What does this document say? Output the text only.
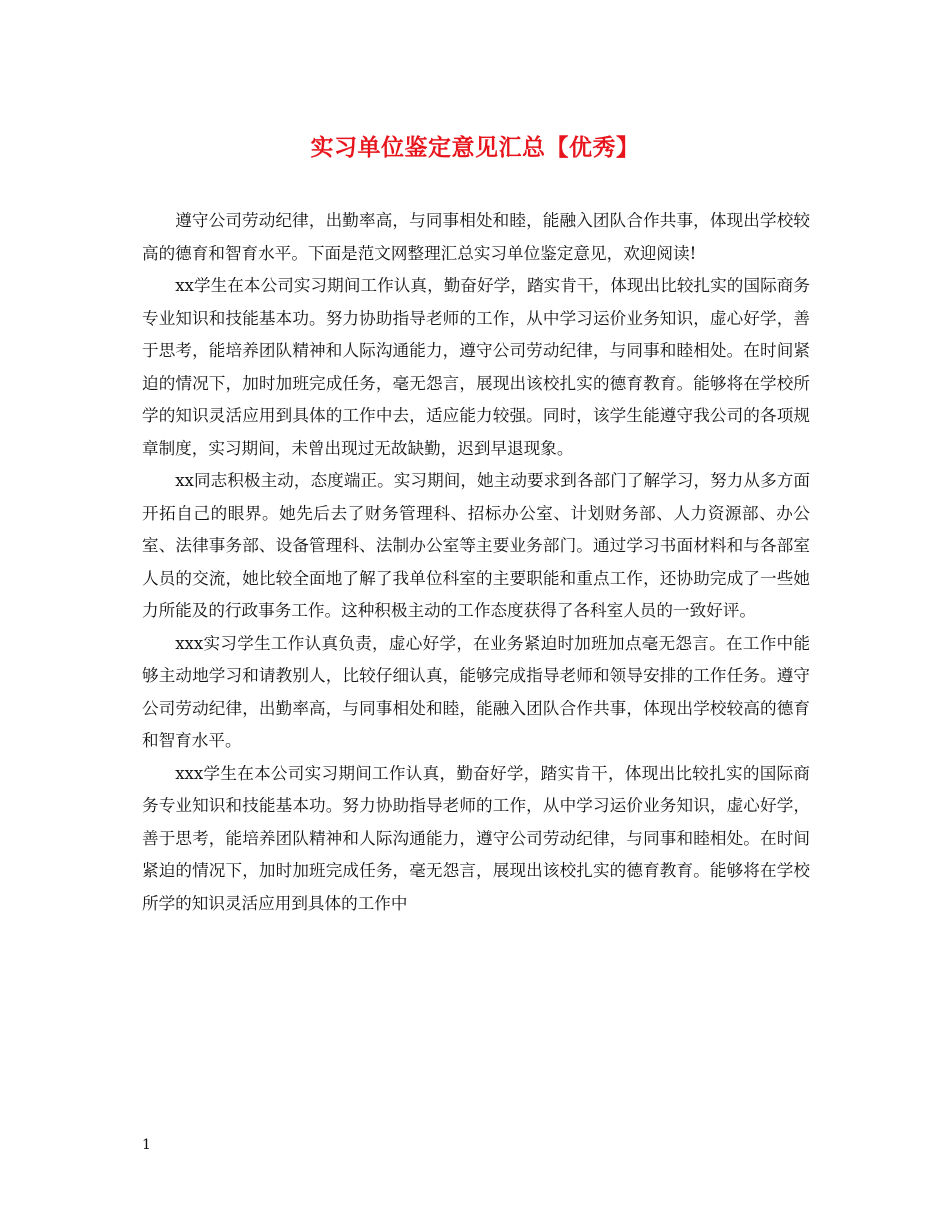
实习单位鉴定意见汇总【优秀】

遵守公司劳动纪律，出勤率高，与同事相处和睦，能融入团队合作共事，体现出学校较高的德育和智育水平。下面是范文网整理汇总实习单位鉴定意见，欢迎阅读!

xx学生在本公司实习期间工作认真，勤奋好学，踏实肯干，体现出比较扎实的国际商务专业知识和技能基本功。努力协助指导老师的工作，从中学习运价业务知识，虚心好学，善于思考，能培养团队精神和人际沟通能力，遵守公司劳动纪律，与同事和睦相处。在时间紧迫的情况下，加时加班完成任务，毫无怨言，展现出该校扎实的德育教育。能够将在学校所学的知识灵活应用到具体的工作中去，适应能力较强。同时，该学生能遵守我公司的各项规章制度，实习期间，未曾出现过无故缺勤，迟到早退现象。

xx同志积极主动，态度端正。实习期间，她主动要求到各部门了解学习，努力从多方面开拓自己的眼界。她先后去了财务管理科、招标办公室、计划财务部、人力资源部、办公室、法律事务部、设备管理科、法制办公室等主要业务部门。通过学习书面材料和与各部室人员的交流，她比较全面地了解了我单位科室的主要职能和重点工作，还协助完成了一些她力所能及的行政事务工作。这种积极主动的工作态度获得了各科室人员的一致好评。

xxx实习学生工作认真负责，虚心好学，在业务紧迫时加班加点毫无怨言。在工作中能够主动地学习和请教别人，比较仔细认真，能够完成指导老师和领导安排的工作任务。遵守公司劳动纪律，出勤率高，与同事相处和睦，能融入团队合作共事，体现出学校较高的德育和智育水平。

xxx学生在本公司实习期间工作认真，勤奋好学，踏实肯干，体现出比较扎实的国际商务专业知识和技能基本功。努力协助指导老师的工作，从中学习运价业务知识，虚心好学，善于思考，能培养团队精神和人际沟通能力，遵守公司劳动纪律，与同事和睦相处。在时间紧迫的情况下，加时加班完成任务，毫无怨言，展现出该校扎实的德育教育。能够将在学校所学的知识灵活应用到具体的工作中

1
